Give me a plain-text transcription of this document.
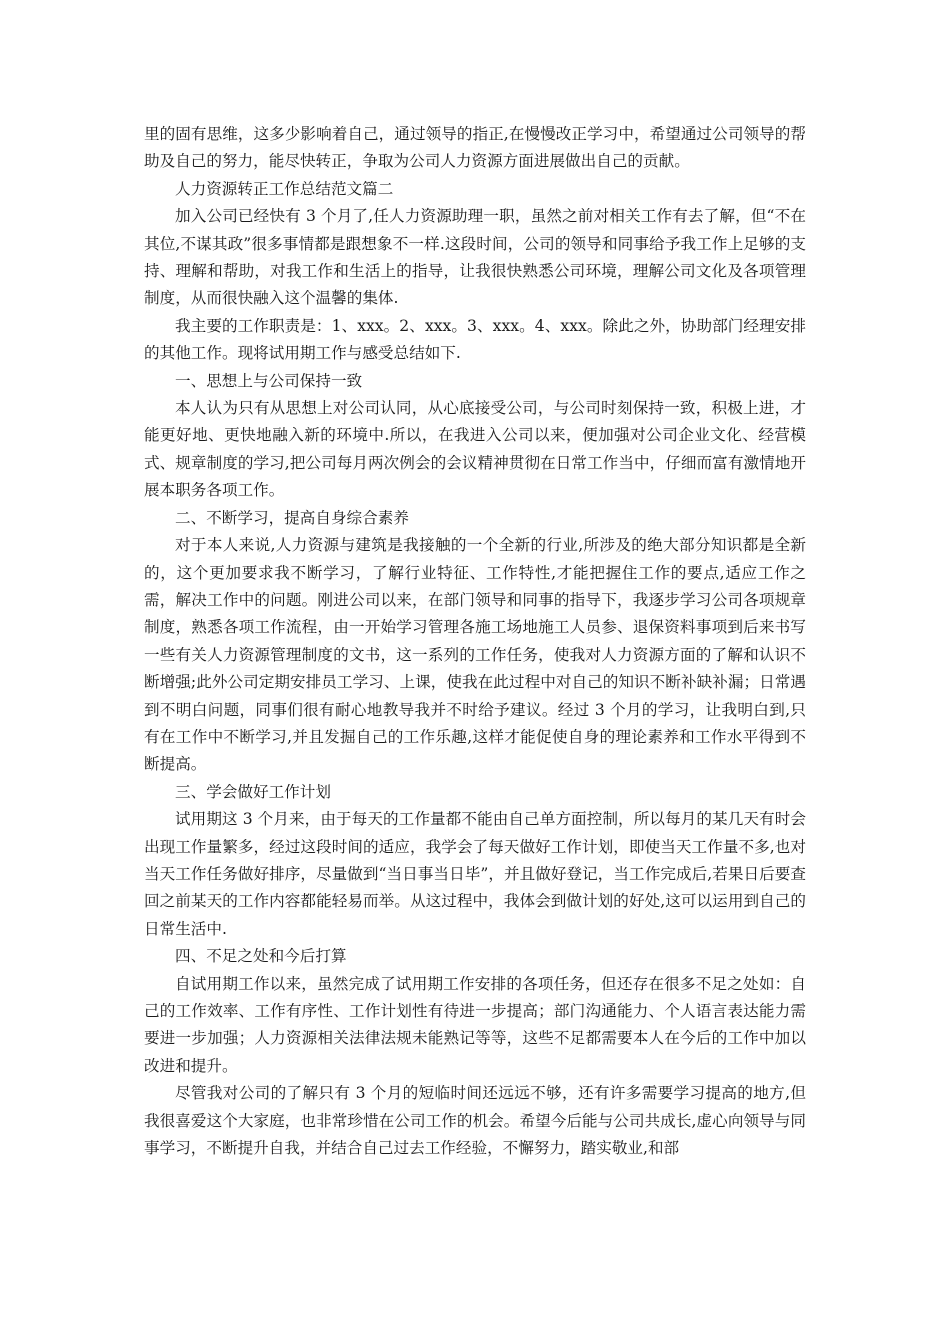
里的固有思维，这多少影响着自己，通过领导的指正,在慢慢改正学习中，希望通过公司领导的帮助及自己的努力，能尽快转正，争取为公司人力资源方面进展做出自己的贡献。

人力资源转正工作总结范文篇二

加入公司已经快有 3 个月了,任人力资源助理一职，虽然之前对相关工作有去了解，但“不在其位,不谋其政”很多事情都是跟想象不一样.这段时间，公司的领导和同事给予我工作上足够的支持、理解和帮助，对我工作和生活上的指导，让我很快熟悉公司环境，理解公司文化及各项管理制度，从而很快融入这个温馨的集体.

我主要的工作职责是：1、xxx。2、xxx。3、xxx。4、xxx。除此之外，协助部门经理安排的其他工作。现将试用期工作与感受总结如下.

一、思想上与公司保持一致

本人认为只有从思想上对公司认同，从心底接受公司，与公司时刻保持一致，积极上进，才能更好地、更快地融入新的环境中.所以，在我进入公司以来，便加强对公司企业文化、经营模式、规章制度的学习,把公司每月两次例会的会议精神贯彻在日常工作当中，仔细而富有激情地开展本职务各项工作。

二、不断学习，提高自身综合素养

对于本人来说,人力资源与建筑是我接触的一个全新的行业,所涉及的绝大部分知识都是全新的，这个更加要求我不断学习，了解行业特征、工作特性,才能把握住工作的要点,适应工作之需，解决工作中的问题。刚进公司以来，在部门领导和同事的指导下，我逐步学习公司各项规章制度，熟悉各项工作流程，由一开始学习管理各施工场地施工人员参、退保资料事项到后来书写一些有关人力资源管理制度的文书，这一系列的工作任务，使我对人力资源方面的了解和认识不断增强;此外公司定期安排员工学习、上课，使我在此过程中对自己的知识不断补缺补漏；日常遇到不明白问题，同事们很有耐心地教导我并不时给予建议。经过 3 个月的学习，让我明白到,只有在工作中不断学习,并且发掘自己的工作乐趣,这样才能促使自身的理论素养和工作水平得到不断提高。

三、学会做好工作计划

试用期这 3 个月来，由于每天的工作量都不能由自己单方面控制，所以每月的某几天有时会出现工作量繁多，经过这段时间的适应，我学会了每天做好工作计划，即使当天工作量不多,也对当天工作任务做好排序，尽量做到“当日事当日毕”，并且做好登记，当工作完成后,若果日后要查回之前某天的工作内容都能轻易而举。从这过程中，我体会到做计划的好处,这可以运用到自己的日常生活中.

四、不足之处和今后打算

自试用期工作以来，虽然完成了试用期工作安排的各项任务，但还存在很多不足之处如：自己的工作效率、工作有序性、工作计划性有待进一步提高；部门沟通能力、个人语言表达能力需要进一步加强；人力资源相关法律法规未能熟记等等，这些不足都需要本人在今后的工作中加以改进和提升。

尽管我对公司的了解只有 3 个月的短临时间还远远不够，还有许多需要学习提高的地方,但我很喜爱这个大家庭，也非常珍惜在公司工作的机会。希望今后能与公司共成长,虚心向领导与同事学习，不断提升自我，并结合自己过去工作经验，不懈努力，踏实敬业,和部
